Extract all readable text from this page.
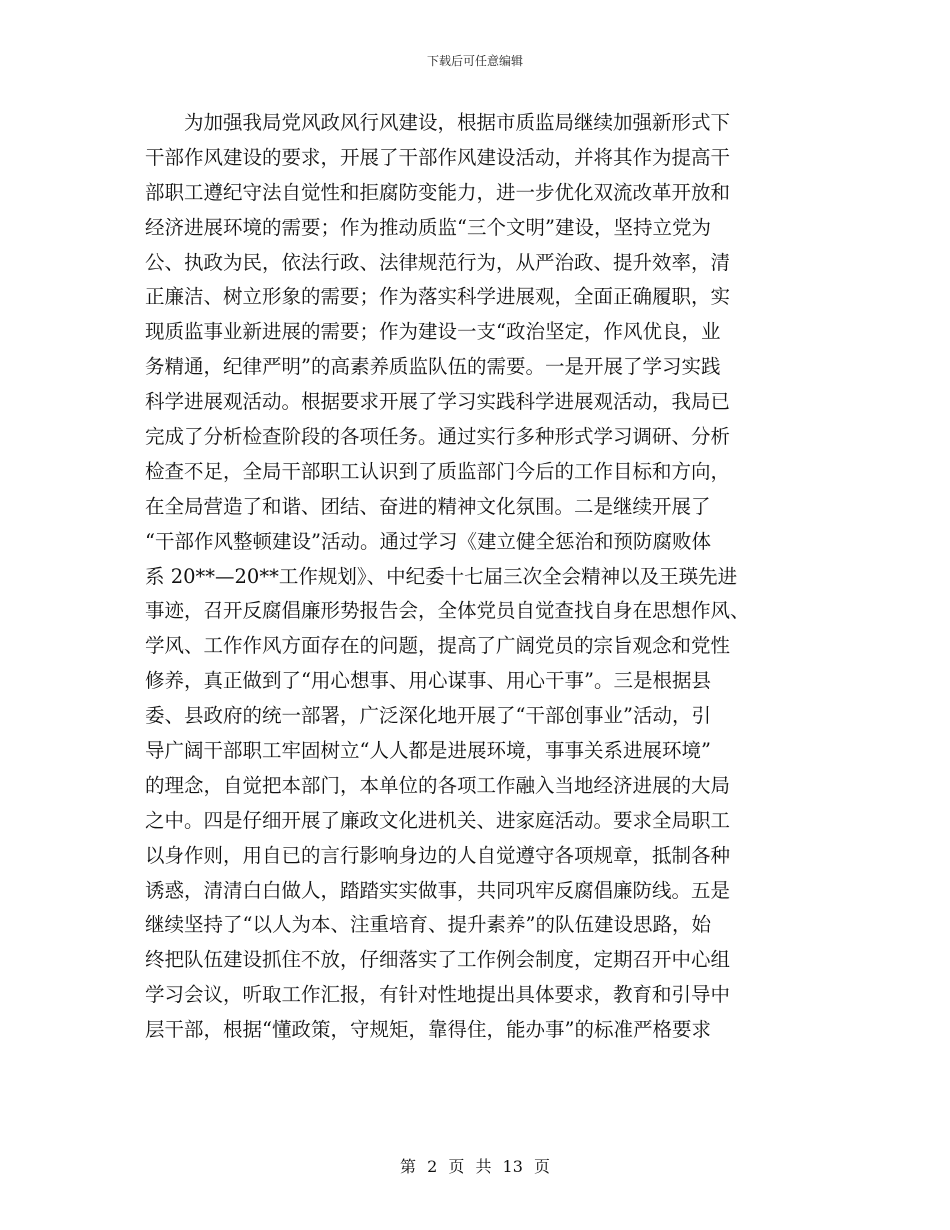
下载后可任意编辑
为加强我局党风政风行风建设，根据市质监局继续加强新形式下
干部作风建设的要求，开展了干部作风建设活动，并将其作为提高干
部职工遵纪守法自觉性和拒腐防变能力，进一步优化双流改革开放和
经济进展环境的需要；作为推动质监“三个文明”建设，坚持立党为
公、执政为民，依法行政、法律规范行为，从严治政、提升效率，清
正廉洁、树立形象的需要；作为落实科学进展观，全面正确履职，实
现质监事业新进展的需要；作为建设一支“政治坚定，作风优良，业
务精通，纪律严明”的高素养质监队伍的需要。一是开展了学习实践
科学进展观活动。根据要求开展了学习实践科学进展观活动，我局已
完成了分析检查阶段的各项任务。通过实行多种形式学习调研、分析
检查不足，全局干部职工认识到了质监部门今后的工作目标和方向，
在全局营造了和谐、团结、奋进的精神文化氛围。二是继续开展了
“干部作风整顿建设”活动。通过学习《建立健全惩治和预防腐败体
系 20**—20**工作规划》、中纪委十七届三次全会精神以及王瑛先进
事迹，召开反腐倡廉形势报告会，全体党员自觉查找自身在思想作风、
学风、工作作风方面存在的问题，提高了广阔党员的宗旨观念和党性
修养，真正做到了“用心想事、用心谋事、用心干事”。三是根据县
委、县政府的统一部署，广泛深化地开展了“干部创事业”活动，引
导广阔干部职工牢固树立“人人都是进展环境，事事关系进展环境”
的理念，自觉把本部门，本单位的各项工作融入当地经济进展的大局
之中。四是仔细开展了廉政文化进机关、进家庭活动。要求全局职工
以身作则，用自已的言行影响身边的人自觉遵守各项规章，抵制各种
诱惑，清清白白做人，踏踏实实做事，共同巩牢反腐倡廉防线。五是
继续坚持了“以人为本、注重培育、提升素养”的队伍建设思路，始
终把队伍建设抓住不放，仔细落实了工作例会制度，定期召开中心组
学习会议，听取工作汇报，有针对性地提出具体要求，教育和引导中
层干部，根据“懂政策，守规矩，靠得住，能办事”的标准严格要求
第 2 页 共 13 页
